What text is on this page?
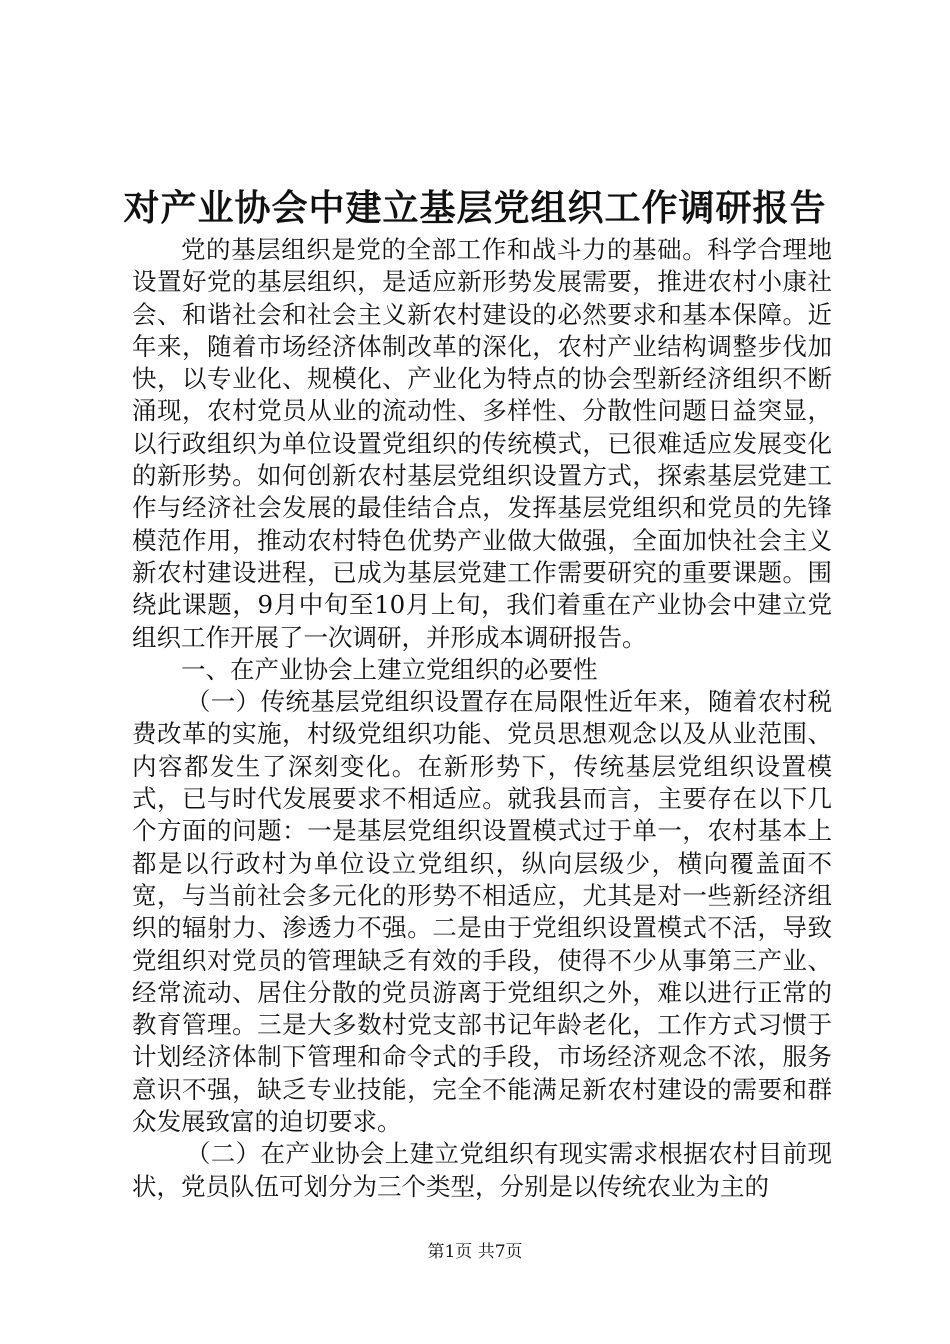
对产业协会中建立基层党组织工作调研报告

党的基层组织是党的全部工作和战斗力的基础。科学合理地设置好党的基层组织，是适应新形势发展需要，推进农村小康社会、和谐社会和社会主义新农村建设的必然要求和基本保障。近年来，随着市场经济体制改革的深化，农村产业结构调整步伐加快，以专业化、规模化、产业化为特点的协会型新经济组织不断涌现，农村党员从业的流动性、多样性、分散性问题日益突显，以行政组织为单位设置党组织的传统模式，已很难适应发展变化的新形势。如何创新农村基层党组织设置方式，探索基层党建工作与经济社会发展的最佳结合点，发挥基层党组织和党员的先锋模范作用，推动农村特色优势产业做大做强，全面加快社会主义新农村建设进程，已成为基层党建工作需要研究的重要课题。围绕此课题，9月中旬至10月上旬，我们着重在产业协会中建立党组织工作开展了一次调研，并形成本调研报告。

一、在产业协会上建立党组织的必要性

（一）传统基层党组织设置存在局限性近年来，随着农村税费改革的实施，村级党组织功能、党员思想观念以及从业范围、内容都发生了深刻变化。在新形势下，传统基层党组织设置模式，已与时代发展要求不相适应。就我县而言，主要存在以下几个方面的问题：一是基层党组织设置模式过于单一，农村基本上都是以行政村为单位设立党组织，纵向层级少，横向覆盖面不宽，与当前社会多元化的形势不相适应，尤其是对一些新经济组织的辐射力、渗透力不强。二是由于党组织设置模式不活，导致党组织对党员的管理缺乏有效的手段，使得不少从事第三产业、经常流动、居住分散的党员游离于党组织之外，难以进行正常的教育管理。三是大多数村党支部书记年龄老化，工作方式习惯于计划经济体制下管理和命令式的手段，市场经济观念不浓，服务意识不强，缺乏专业技能，完全不能满足新农村建设的需要和群众发展致富的迫切要求。

（二）在产业协会上建立党组织有现实需求根据农村目前现状，党员队伍可划分为三个类型，分别是以传统农业为主的

第1页 共7页
